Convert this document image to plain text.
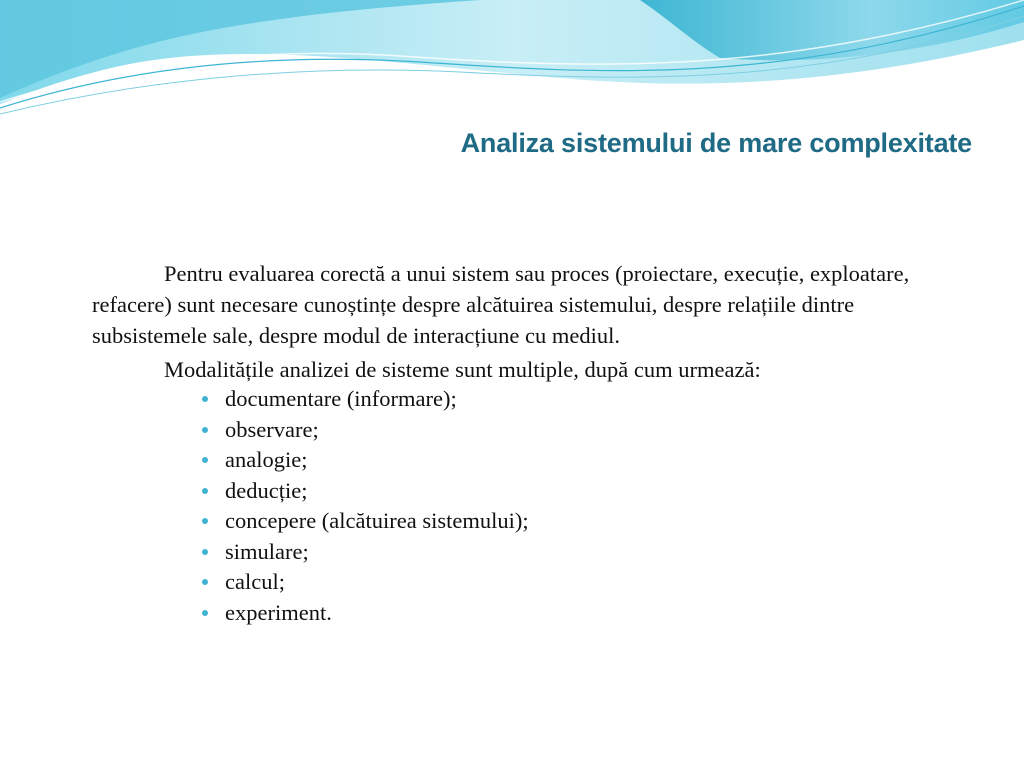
Analiza sistemului de mare complexitate

Pentru evaluarea corectă a unui sistem sau proces (proiectare, execuție, exploatare, refacere) sunt necesare cunoștințe despre alcătuirea sistemului, despre relațiile dintre subsistemele sale, despre modul de interacțiune cu mediul.

Modalitățile analizei de sisteme sunt multiple, după cum urmează:

documentare (informare);
observare;
analogie;
deducție;
concepere (alcătuirea sistemului);
simulare;
calcul;
experiment.
